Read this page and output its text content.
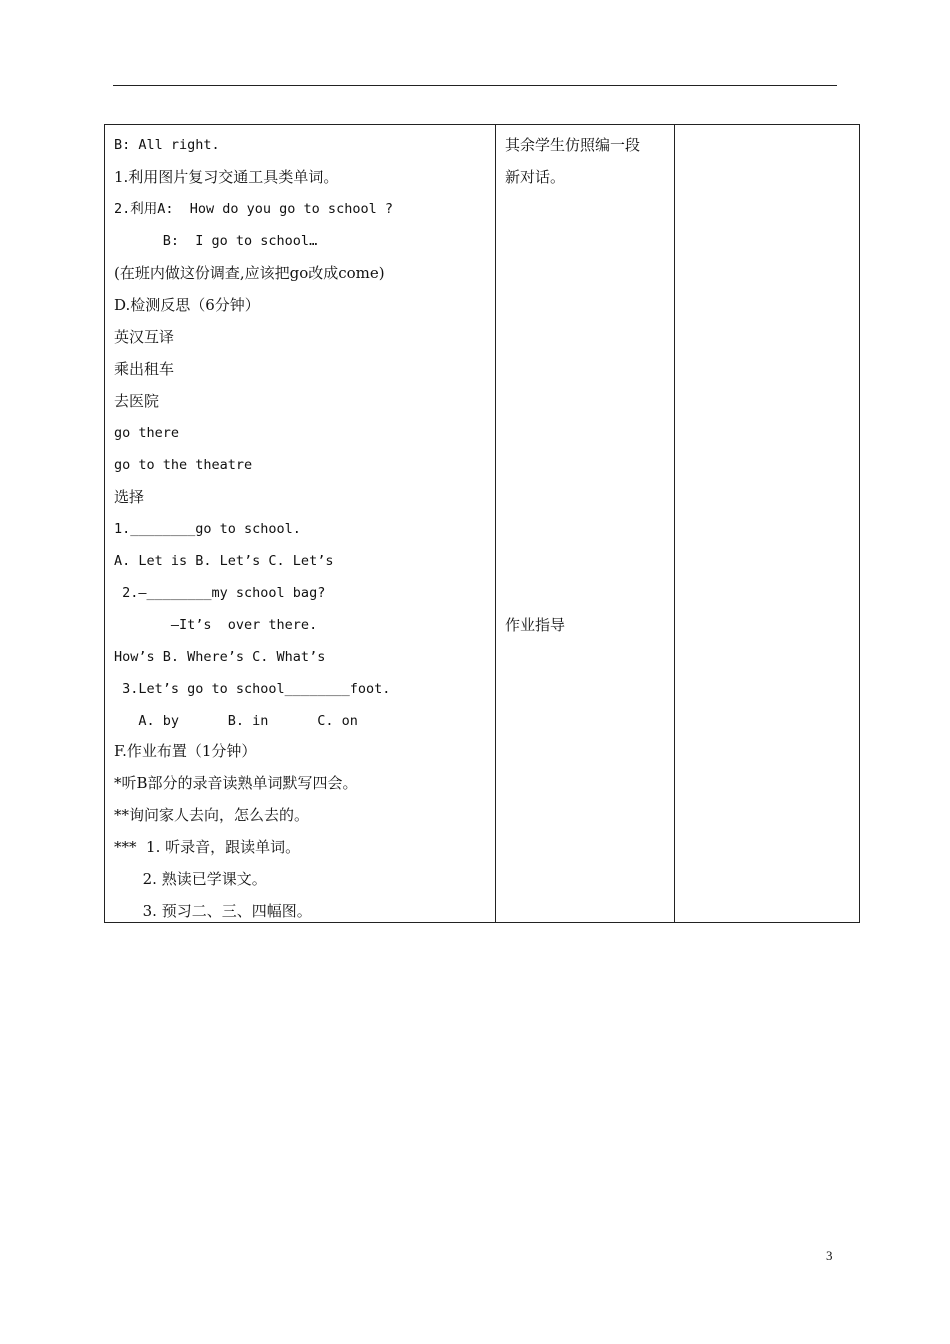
B: All right.
1.利用图片复习交通工具类单词。
2.利用A:  How do you go to school ?
B:  I go to school…
(在班内做这份调查,应该把go改成come)
D.检测反思（6分钟）
英汉互译
乘出租车
去医院
go there
go to the theatre
选择
1.________go to school.
A. Let is B. Let’s C. Let’s
2.—________my school bag?
—It’s  over there.
How’s B. Where’s C. What’s
3.Let’s go to school________foot.
A. by      B. in      C. on
F.作业布置（1分钟）
*听B部分的录音读熟单词默写四会。
**询问家人去向，怎么去的。
***  1. 听录音，跟读单词。
2. 熟读已学课文。
3. 预习二、三、四幅图。
其余学生仿照编一段
新对话。
作业指导
3
